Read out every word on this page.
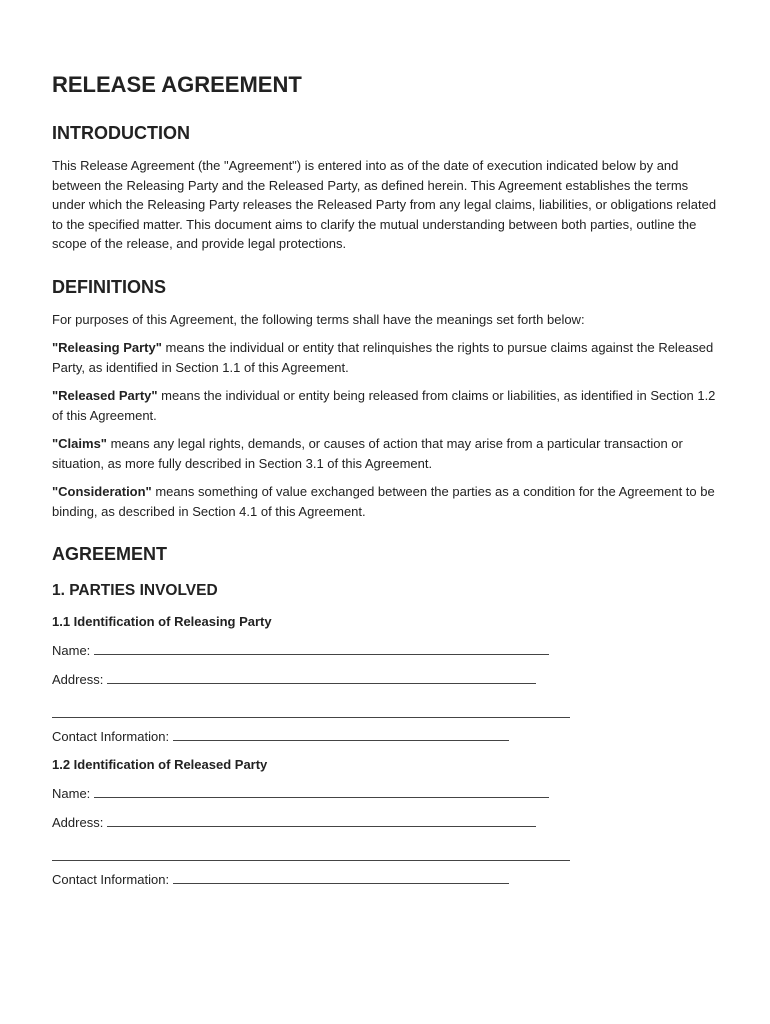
RELEASE AGREEMENT
INTRODUCTION

This Release Agreement (the "Agreement") is entered into as of the date of execution indicated below by and between the Releasing Party and the Released Party, as defined herein. This Agreement establishes the terms under which the Releasing Party releases the Released Party from any legal claims, liabilities, or obligations related to the specified matter. This document aims to clarify the mutual understanding between both parties, outline the scope of the release, and provide legal protections.

DEFINITIONS

For purposes of this Agreement, the following terms shall have the meanings set forth below:

"Releasing Party" means the individual or entity that relinquishes the rights to pursue claims against the Released Party, as identified in Section 1.1 of this Agreement.

"Released Party" means the individual or entity being released from claims or liabilities, as identified in Section 1.2 of this Agreement.

"Claims" means any legal rights, demands, or causes of action that may arise from a particular transaction or situation, as more fully described in Section 3.1 of this Agreement.

"Consideration" means something of value exchanged between the parties as a condition for the Agreement to be binding, as described in Section 4.1 of this Agreement.

AGREEMENT
1. PARTIES INVOLVED
1.1 Identification of Releasing Party
Name:
Address:
Contact Information:
1.2 Identification of Released Party
Name:
Address:
Contact Information:
